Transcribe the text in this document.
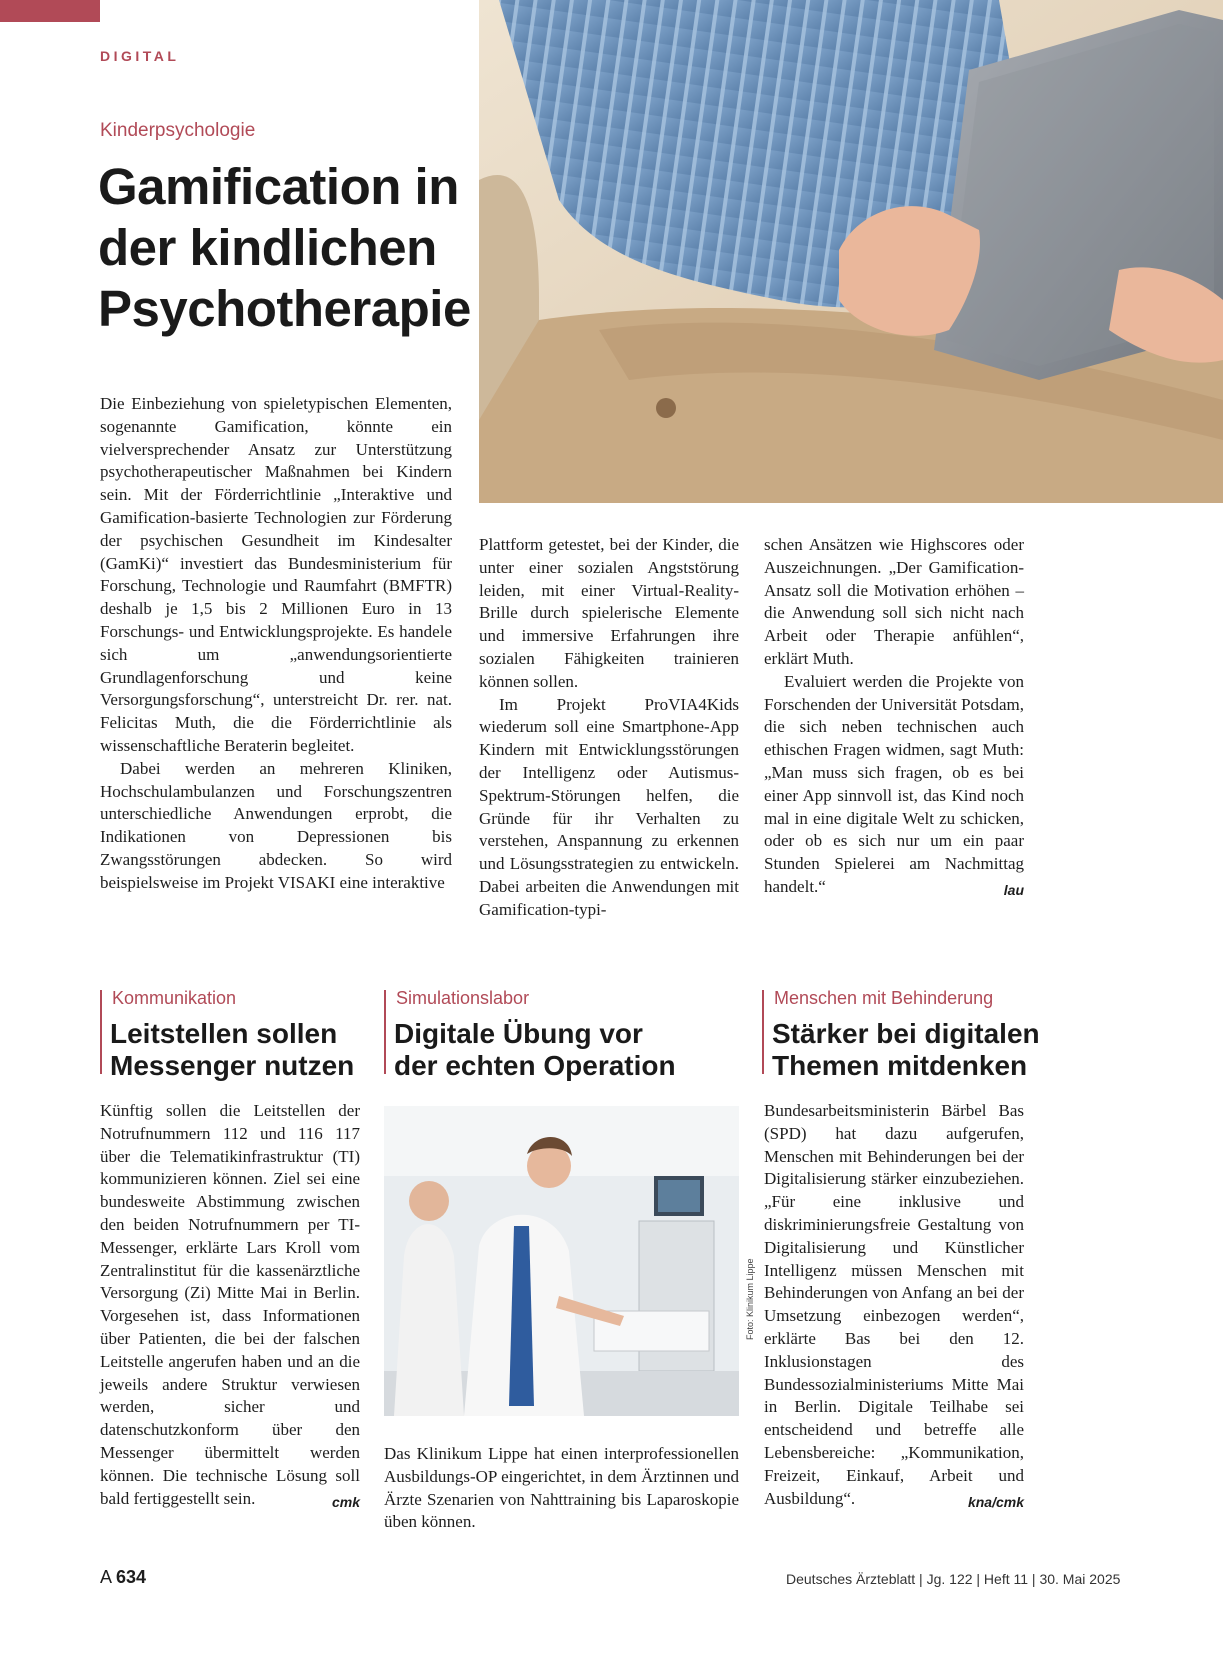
DIGITAL
Kinderpsychologie
Gamification in der kindlichen Psychotherapie

Die Einbeziehung von spieletypischen Elementen, sogenannte Gamification, könnte ein vielversprechender Ansatz zur Unterstützung psychotherapeutischer Maßnahmen bei Kindern sein. Mit der Förderrichtlinie „Interaktive und Gamification-basierte Technologien zur Förderung der psychischen Gesundheit im Kindesalter (GamKi)“ investiert das Bundesministerium für Forschung, Technologie und Raumfahrt (BMFTR) deshalb je 1,5 bis 2 Millionen Euro in 13 Forschungs- und Entwicklungsprojekte. Es handele sich um „anwendungsorientierte Grundlagenforschung und keine Versorgungsforschung“, unterstreicht Dr. rer. nat. Felicitas Muth, die die Förderrichtlinie als wissenschaftliche Beraterin begleitet.

Dabei werden an mehreren Kliniken, Hochschulambulanzen und Forschungszentren unterschiedliche Anwendungen erprobt, die Indikationen von Depressionen bis Zwangsstörungen abdecken. So wird beispielsweise im Projekt VISAKI eine interaktive

Plattform getestet, bei der Kinder, die unter einer sozialen Angststörung leiden, mit einer Virtual-Reality-Brille durch spielerische Elemente und immersive Erfahrungen ihre sozialen Fähigkeiten trainieren können sollen.

Im Projekt ProVIA4Kids wiederum soll eine Smartphone-App Kindern mit Entwicklungsstörungen der Intelligenz oder Autismus-Spektrum-Störungen helfen, die Gründe für ihr Verhalten zu verstehen, Anspannung zu erkennen und Lösungsstrategien zu entwickeln. Dabei arbeiten die Anwendungen mit Gamification-typi-

schen Ansätzen wie Highscores oder Auszeichnungen. „Der Gamification-Ansatz soll die Motivation erhöhen – die Anwendung soll sich nicht nach Arbeit oder Therapie anfühlen“, erklärt Muth.

Evaluiert werden die Projekte von Forschenden der Universität Potsdam, die sich neben technischen auch ethischen Fragen widmen, sagt Muth: „Man muss sich fragen, ob es bei einer App sinnvoll ist, das Kind noch mal in eine digitale Welt zu schicken, oder ob es sich nur um ein paar Stunden Spielerei am Nachmittag handelt.“	lau

Kommunikation
Leitstellen sollen Messenger nutzen

Künftig sollen die Leitstellen der Notrufnummern 112 und 116 117 über die Telematikinfrastruktur (TI) kommunizieren können. Ziel sei eine bundesweite Abstimmung zwischen den beiden Notrufnummern per TI-Messenger, erklärte Lars Kroll vom Zentralinstitut für die kassenärztliche Versorgung (Zi) Mitte Mai in Berlin. Vorgesehen ist, dass Informationen über Patienten, die bei der falschen Leitstelle angerufen haben und an die jeweils andere Struktur verwiesen werden, sicher und datenschutzkonform über den Messenger übermittelt werden können. Die technische Lösung soll bald fertiggestellt sein.	cmk

Simulationslabor
Digitale Übung vor der echten Operation
Foto: Klinikum Lippe

Das Klinikum Lippe hat einen interprofessionellen Ausbildungs-OP eingerichtet, in dem Ärztinnen und Ärzte Szenarien von Nahttraining bis Laparoskopie üben können.

Menschen mit Behinderung
Stärker bei digitalen Themen mitdenken

Bundesarbeitsministerin Bärbel Bas (SPD) hat dazu aufgerufen, Menschen mit Behinderungen bei der Digitalisierung stärker einzubeziehen. „Für eine inklusive und diskriminierungsfreie Gestaltung von Digitalisierung und Künstlicher Intelligenz müssen Menschen mit Behinderungen von Anfang an bei der Umsetzung einbezogen werden“, erklärte Bas bei den 12. Inklusionstagen des Bundessozialministeriums Mitte Mai in Berlin. Digitale Teilhabe sei entscheidend und betreffe alle Lebensbereiche: „Kommunikation, Freizeit, Einkauf, Arbeit und Ausbildung“.	kna/cmk

A 634	Deutsches Ärzteblatt | Jg. 122 | Heft 11 | 30. Mai 2025
